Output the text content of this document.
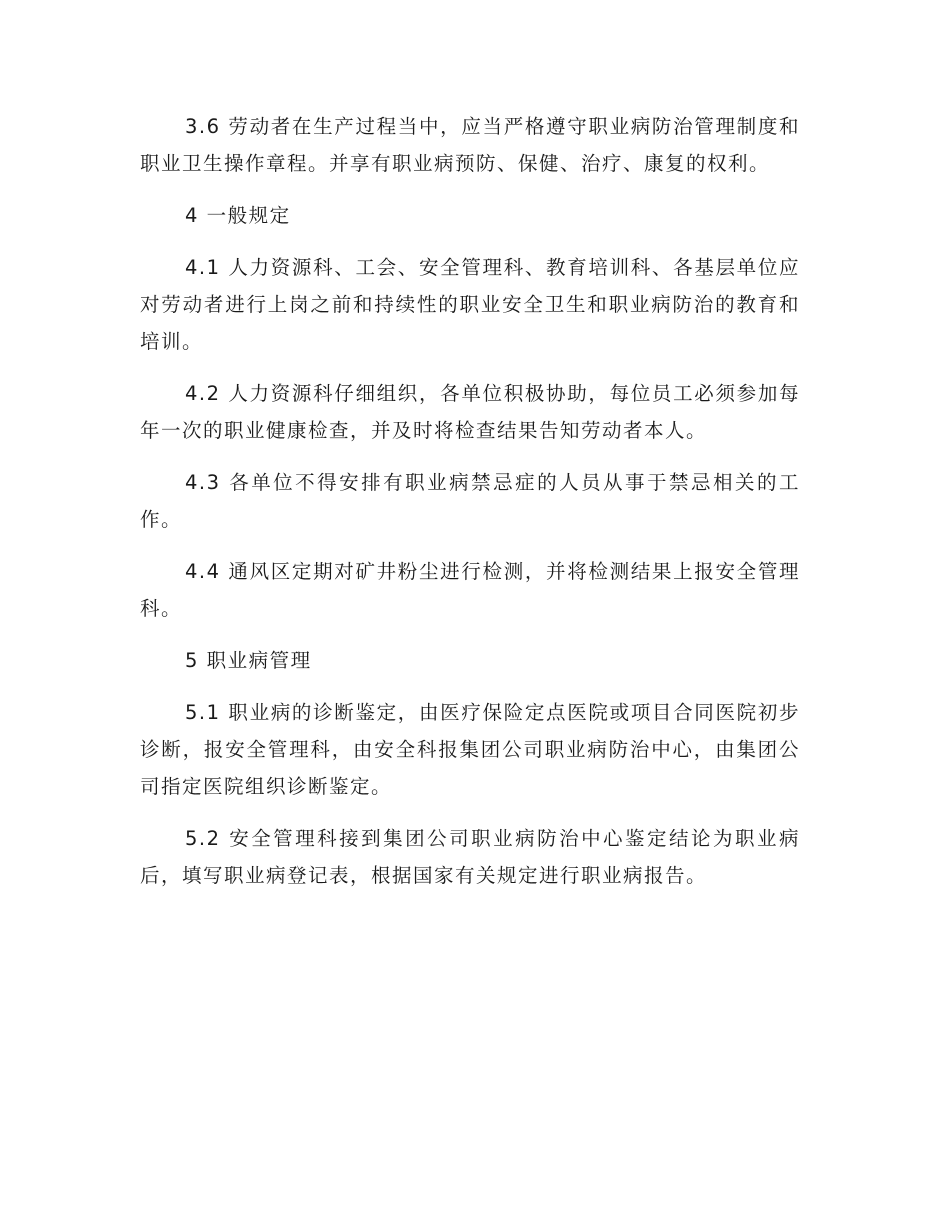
3.6 劳动者在生产过程当中，应当严格遵守职业病防治管理制度和职业卫生操作章程。并享有职业病预防、保健、治疗、康复的权利。

4 一般规定

4.1 人力资源科、工会、安全管理科、教育培训科、各基层单位应对劳动者进行上岗之前和持续性的职业安全卫生和职业病防治的教育和培训。

4.2 人力资源科仔细组织，各单位积极协助，每位员工必须参加每年一次的职业健康检查，并及时将检查结果告知劳动者本人。

4.3 各单位不得安排有职业病禁忌症的人员从事于禁忌相关的工作。

4.4 通风区定期对矿井粉尘进行检测，并将检测结果上报安全管理科。

5 职业病管理

5.1 职业病的诊断鉴定，由医疗保险定点医院或项目合同医院初步诊断，报安全管理科，由安全科报集团公司职业病防治中心，由集团公司指定医院组织诊断鉴定。

5.2 安全管理科接到集团公司职业病防治中心鉴定结论为职业病后，填写职业病登记表，根据国家有关规定进行职业病报告。
